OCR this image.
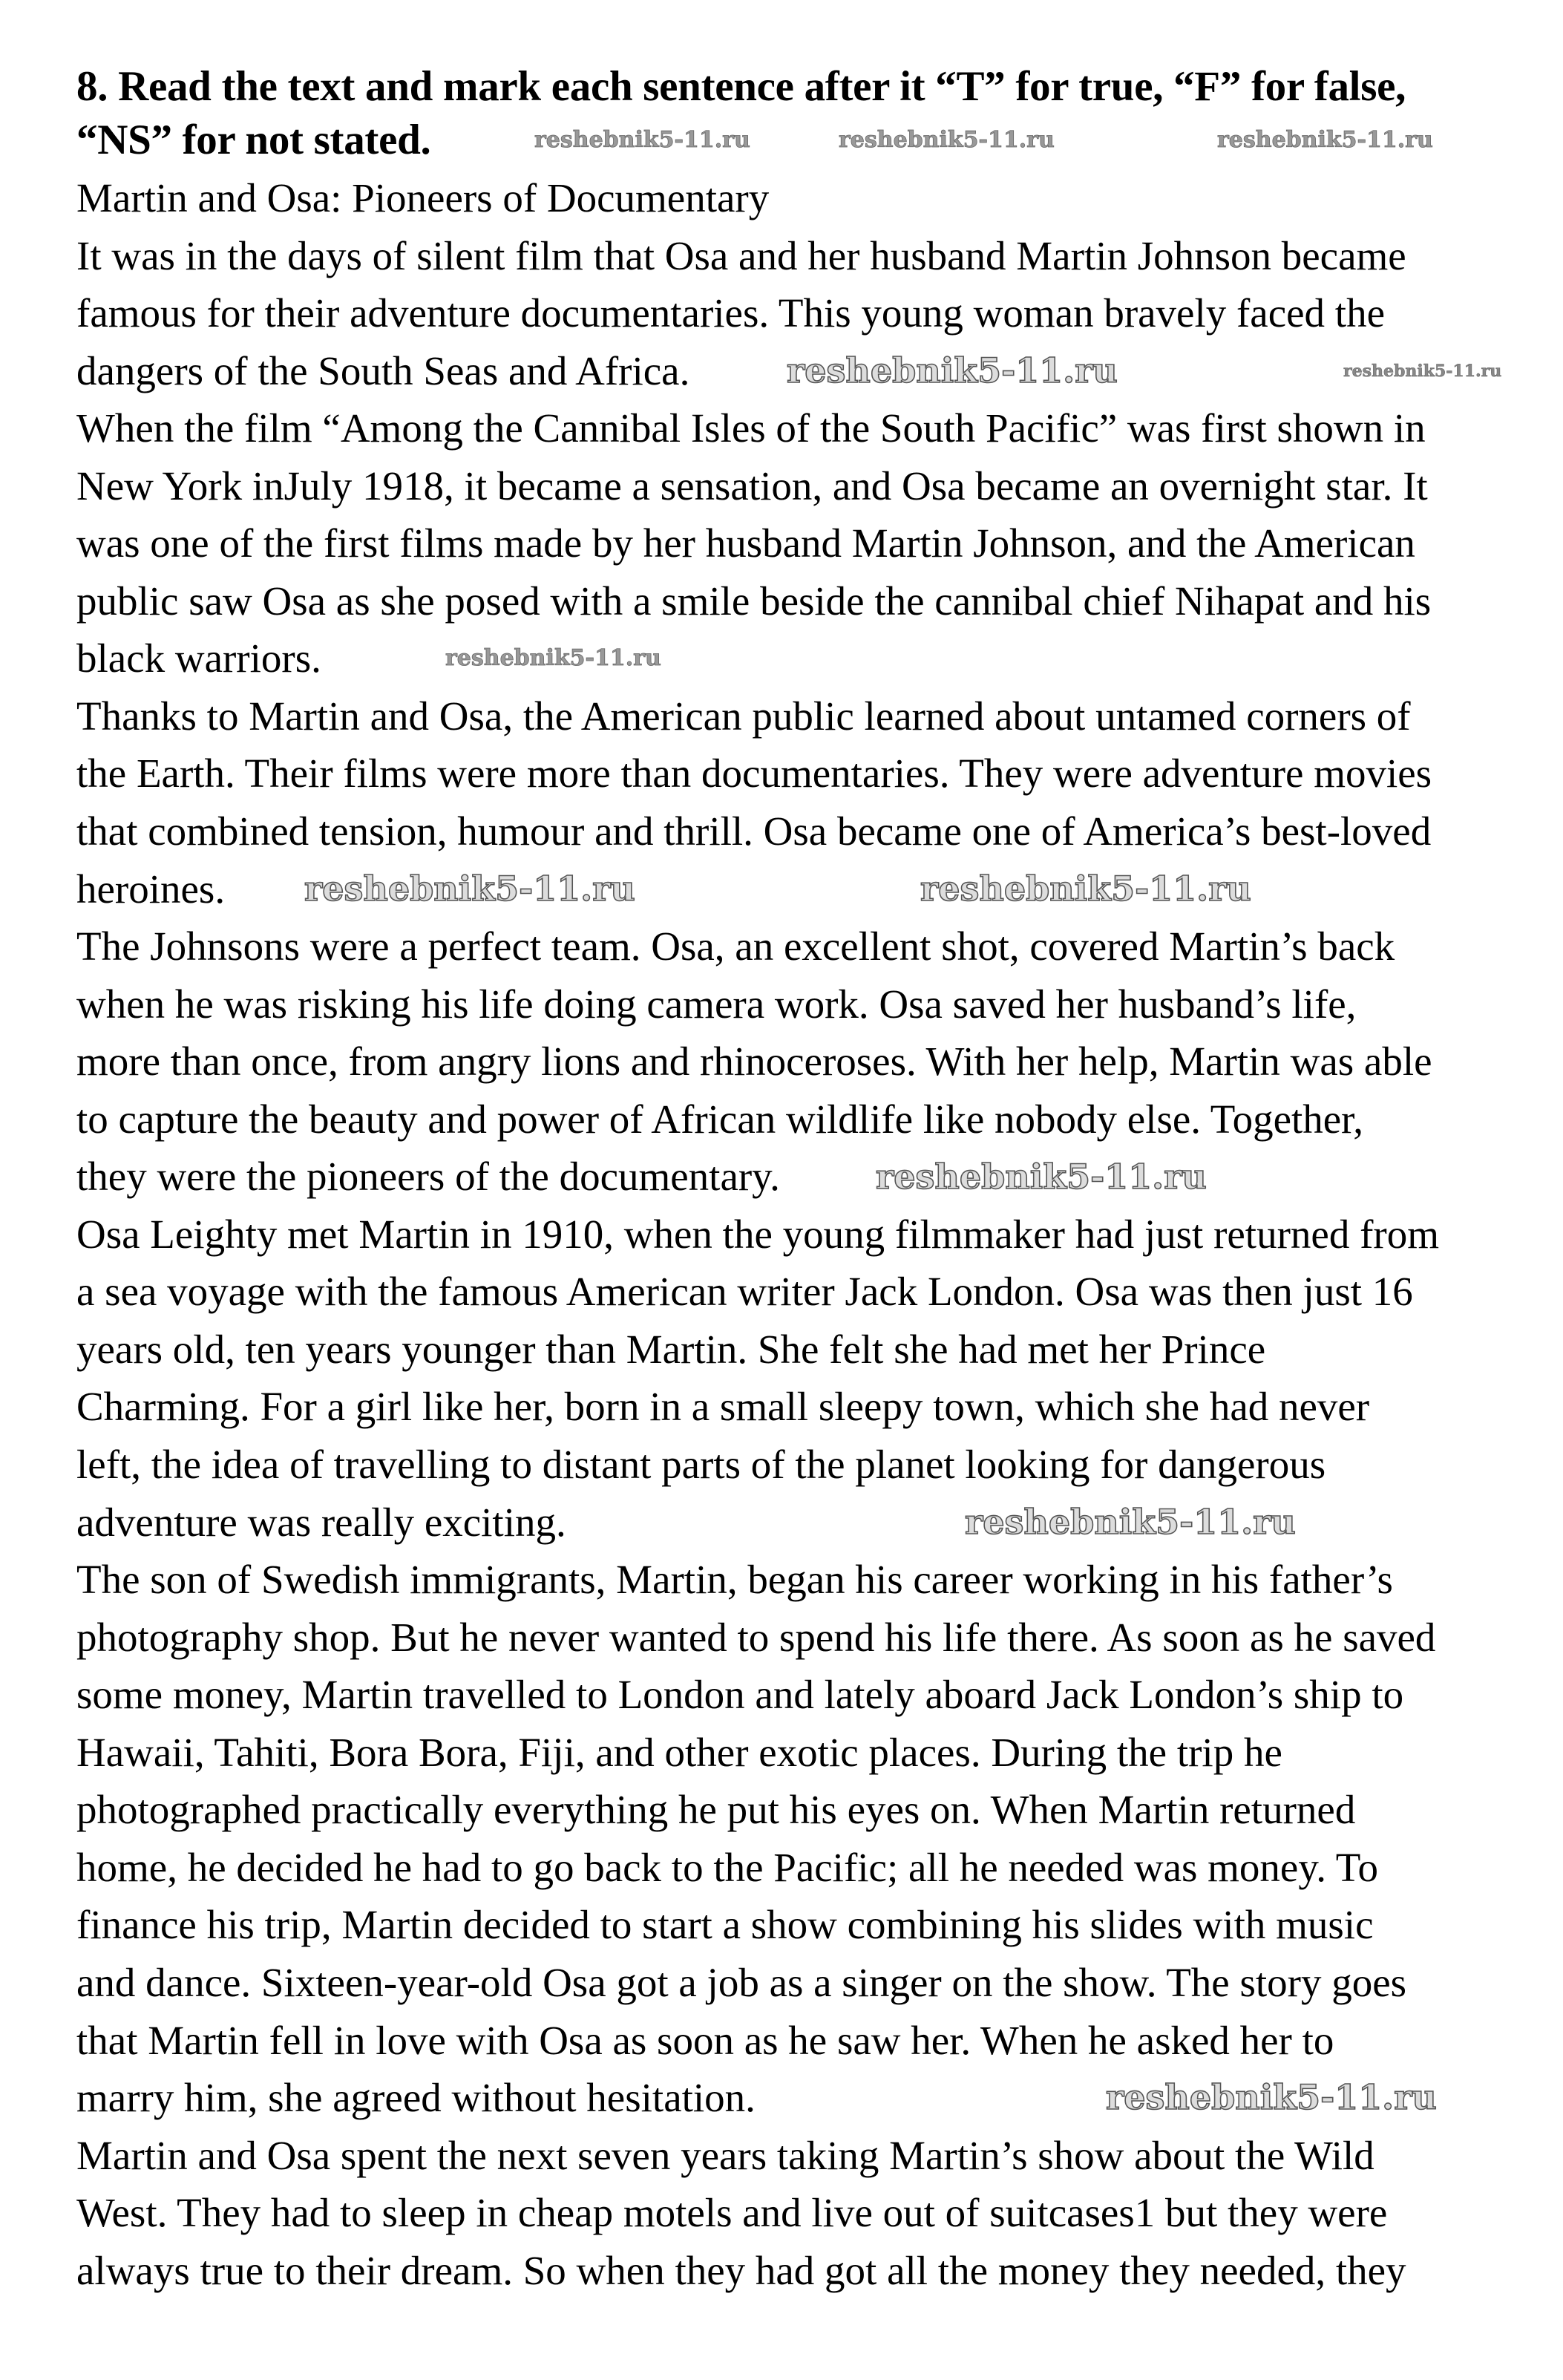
8. Read the text and mark each sentence after it “T” for true, “F” for false,
“NS” for not stated.
Martin and Osa: Pioneers of Documentary
It was in the days of silent film that Osa and her husband Martin Johnson became
famous for their adventure documentaries. This young woman bravely faced the
dangers of the South Seas and Africa.
When the film “Among the Cannibal Isles of the South Pacific” was first shown in
New York inJuly 1918, it became a sensation, and Osa became an overnight star. It
was one of the first films made by her husband Martin Johnson, and the American
public saw Osa as she posed with a smile beside the cannibal chief Nihapat and his
black warriors.
Thanks to Martin and Osa, the American public learned about untamed corners of
the Earth. Their films were more than documentaries. They were adventure movies
that combined tension, humour and thrill. Osa became one of America’s best-loved
heroines.
The Johnsons were a perfect team. Osa, an excellent shot, covered Martin’s back
when he was risking his life doing camera work. Osa saved her husband’s life,
more than once, from angry lions and rhinoceroses. With her help, Martin was able
to capture the beauty and power of African wildlife like nobody else. Together,
they were the pioneers of the documentary.
Osa Leighty met Martin in 1910, when the young filmmaker had just returned from
a sea voyage with the famous American writer Jack London. Osa was then just 16
years old, ten years younger than Martin. She felt she had met her Prince
Charming. For a girl like her, born in a small sleepy town, which she had never
left, the idea of travelling to distant parts of the planet looking for dangerous
adventure was really exciting.
The son of Swedish immigrants, Martin, began his career working in his father’s
photography shop. But he never wanted to spend his life there. As soon as he saved
some money, Martin travelled to London and lately aboard Jack London’s ship to
Hawaii, Tahiti, Bora Bora, Fiji, and other exotic places. During the trip he
photographed practically everything he put his eyes on. When Martin returned
home, he decided he had to go back to the Pacific; all he needed was money. To
finance his trip, Martin decided to start a show combining his slides with music
and dance. Sixteen-year-old Osa got a job as a singer on the show. The story goes
that Martin fell in love with Osa as soon as he saw her. When he asked her to
marry him, she agreed without hesitation.
Martin and Osa spent the next seven years taking Martin’s show about the Wild
West. They had to sleep in cheap motels and live out of suitcases1 but they were
always true to their dream. So when they had got all the money they needed, they
reshebnik5-11.ru	reshebnik5-11.ru	reshebnik5-11.ru
reshebnik5-11.ru	reshebnik5-11.ru
reshebnik5-11.ru
reshebnik5-11.ru	reshebnik5-11.ru
reshebnik5-11.ru
reshebnik5-11.ru
reshebnik5-11.ru
